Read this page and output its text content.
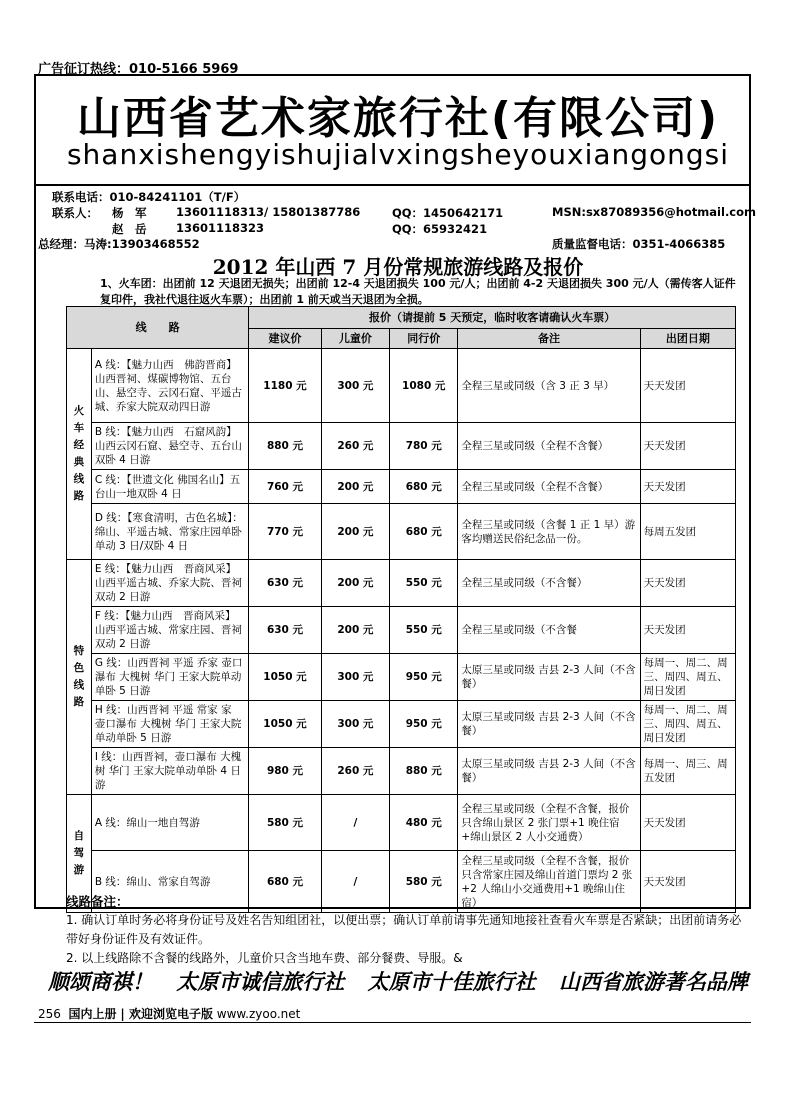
广告征订热线：010-5166 5969
山西省艺术家旅行社(有限公司)
shanxishengyishujialvxingsheyouxiangongsi
联系电话：010-84241101（T/F）
联系人： 杨　军	13601118313/ 15801387786	QQ：1450642171	MSN:sx87089356@hotmail.com
赵　岳	13601118323	QQ：65932421
总经理：马涛:13903468552	质量监督电话：0351-4066385
2012 年山西 7 月份常规旅游线路及报价
1、火车团：出团前 12 天退团无损失；出团前 12-4 天退团损失 100 元/人；出团前 4-2 天退团损失 300 元/人（需传客人证件复印件，我社代退往返火车票）；出团前 1 前天或当天退团为全损。
线　　路		报价（请提前 5 天预定，临时收客请确认火车票）				
		建议价	儿童价	同行价	备注	出团日期

火车经典线路	A 线：【魅力山西　佛韵晋商】山西晋祠、煤碳博物馆、五台山、悬空寺、云冈石窟、平遥古城、乔家大院双动四日游	1180 元	300 元	1080 元	全程三星或同级（含 3 正 3 早）	天天发团
	B 线：【魅力山西　石窟风韵】山西云冈石窟、悬空寺、五台山双卧 4 日游	880 元	260 元	780 元	全程三星或同级（全程不含餐）	天天发团
	C 线：【世遗文化 佛国名山】五台山一地双卧 4 日	760 元	200 元	680 元	全程三星或同级（全程不含餐）	天天发团
	D 线：【寒食清明，古色名城】：绵山、平遥古城、常家庄园单卧单动 3 日/双卧 4 日	770 元	200 元	680 元	全程三星或同级（含餐 1 正 1 早）游客均赠送民俗纪念品一份。	每周五发团

特色线路	E 线：【魅力山西　晋商风采】山西平遥古城、乔家大院、晋祠双动 2 日游	630 元	200 元	550 元	全程三星或同级（不含餐）	天天发团
	F 线：【魅力山西　晋商风采】山西平遥古城、常家庄园、晋祠双动 2 日游	630 元	200 元	550 元	全程三星或同级（不含餐	天天发团
	G 线：山西晋祠 平遥 乔家 壶口瀑布 大槐树 华门 王家大院单动单卧 5 日游	1050 元	300 元	950 元	太原三星或同级 吉县 2-3 人间（不含餐）	每周一、周二、周三、周四、周五、周日发团
	H 线：山西晋祠 平遥 常家 家 壶口瀑布 大槐树 华门 王家大院单动单卧 5 日游	1050 元	300 元	950 元	太原三星或同级 吉县 2-3 人间（不含餐）	每周一、周二、周三、周四、周五、周日发团
	I 线：山西晋祠，壶口瀑布 大槐树 华门 王家大院单动单卧 4 日游	980 元	260 元	880 元	太原三星或同级 吉县 2-3 人间（不含餐）	每周一、周三、周五发团

自驾游	A 线：绵山一地自驾游	580 元	/	480 元	全程三星或同级（全程不含餐，报价只含绵山景区 2 张门票+1 晚住宿+绵山景区 2 人小交通费）	天天发团
	B 线：绵山、常家自驾游	680 元	/	580 元	全程三星或同级（全程不含餐，报价只含常家庄园及绵山首道门票均 2 张+2 人绵山小交通费用+1 晚绵山住宿）	天天发团
线路备注：
1. 确认订单时务必将身份证号及姓名告知组团社，以便出票；确认订单前请事先通知地接社查看火车票是否紧缺；出团前请务必带好身份证件及有效证件。
2. 以上线路除不含餐的线路外，儿童价只含当地车费、部分餐费、导服。&
顺颂商祺！ 太原市诚信旅行社 太原市十佳旅行社 山西省旅游著名品牌
256 国内上册 | 欢迎浏览电子版 www.zyoo.net
